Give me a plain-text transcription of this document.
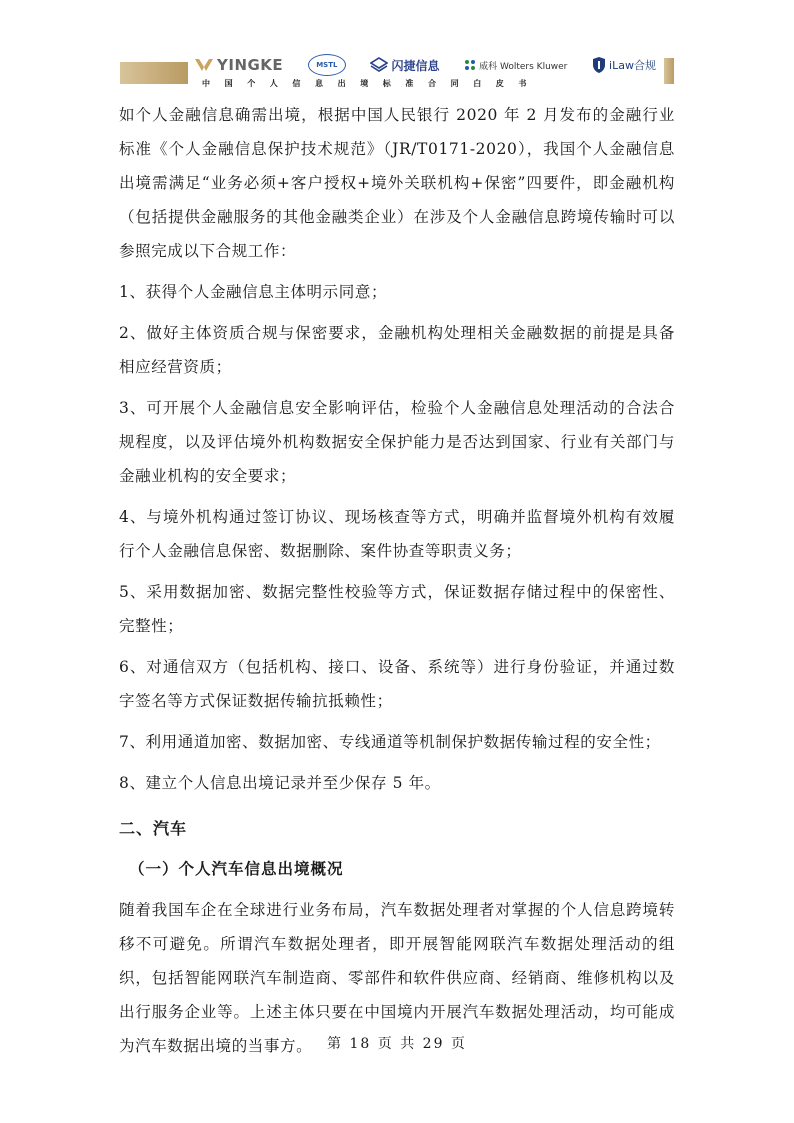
YINGKE	MSTL	闪捷信息	威科 Wolters Kluwer	iLaw合规
中国个人信息出境标准合同白皮书

如个人金融信息确需出境，根据中国人民银行 2020 年 2 月发布的金融行业标准《个人金融信息保护技术规范》（JR/T0171-2020），我国个人金融信息出境需满足“业务必须+客户授权+境外关联机构+保密”四要件，即金融机构（包括提供金融服务的其他金融类企业）在涉及个人金融信息跨境传输时可以参照完成以下合规工作：

1、获得个人金融信息主体明示同意；

2、做好主体资质合规与保密要求，金融机构处理相关金融数据的前提是具备相应经营资质；

3、可开展个人金融信息安全影响评估，检验个人金融信息处理活动的合法合规程度，以及评估境外机构数据安全保护能力是否达到国家、行业有关部门与金融业机构的安全要求；

4、与境外机构通过签订协议、现场核查等方式，明确并监督境外机构有效履行个人金融信息保密、数据删除、案件协查等职责义务；

5、采用数据加密、数据完整性校验等方式，保证数据存储过程中的保密性、完整性；

6、对通信双方（包括机构、接口、设备、系统等）进行身份验证，并通过数字签名等方式保证数据传输抗抵赖性；

7、利用通道加密、数据加密、专线通道等机制保护数据传输过程的安全性；

8、建立个人信息出境记录并至少保存 5 年。

二、汽车
（一）个人汽车信息出境概况

随着我国车企在全球进行业务布局，汽车数据处理者对掌握的个人信息跨境转移不可避免。所谓汽车数据处理者，即开展智能网联汽车数据处理活动的组织，包括智能网联汽车制造商、零部件和软件供应商、经销商、维修机构以及出行服务企业等。上述主体只要在中国境内开展汽车数据处理活动，均可能成为汽车数据出境的当事方。	第 18 页 共 29 页
